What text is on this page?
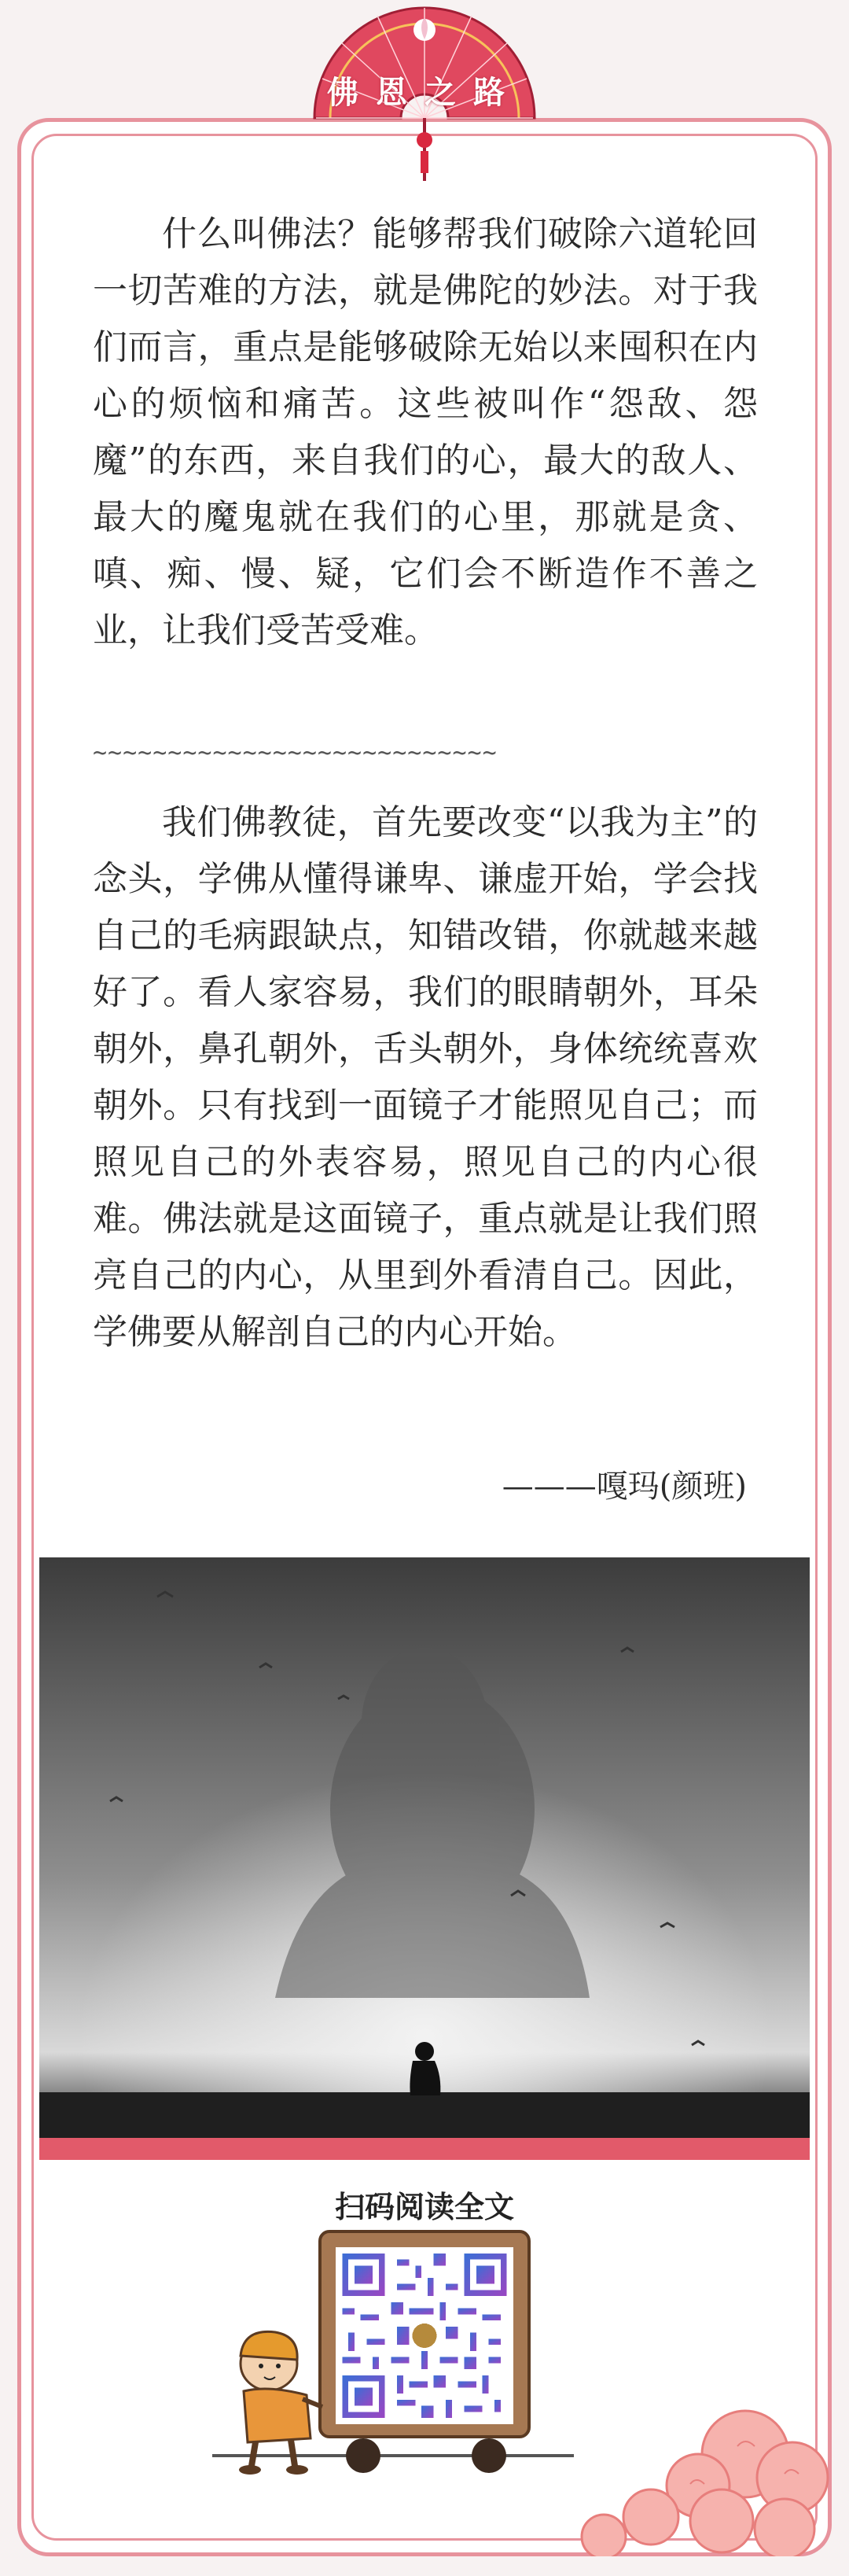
佛恩之路

什么叫佛法？能够帮我们破除六道轮回一切苦难的方法，就是佛陀的妙法。对于我们而言，重点是能够破除无始以来囤积在内心的烦恼和痛苦。这些被叫作“怨敌、怨魔”的东西，来自我们的心，最大的敌人、最大的魔鬼就在我们的心里，那就是贪、嗔、痴、慢、疑，它们会不断造作不善之业，让我们受苦受难。

~~~~~~~~~~~~~~~~~~~~~~~~~~~

我们佛教徒，首先要改变“以我为主”的念头，学佛从懂得谦卑、谦虚开始，学会找自己的毛病跟缺点，知错改错，你就越来越好了。看人家容易，我们的眼睛朝外，耳朵朝外，鼻孔朝外，舌头朝外，身体统统喜欢朝外。只有找到一面镜子才能照见自己；而照见自己的外表容易，照见自己的内心很难。佛法就是这面镜子，重点就是让我们照亮自己的内心，从里到外看清自己。因此，学佛要从解剖自己的内心开始。

———嘎玛(颜班)
扫码阅读全文
